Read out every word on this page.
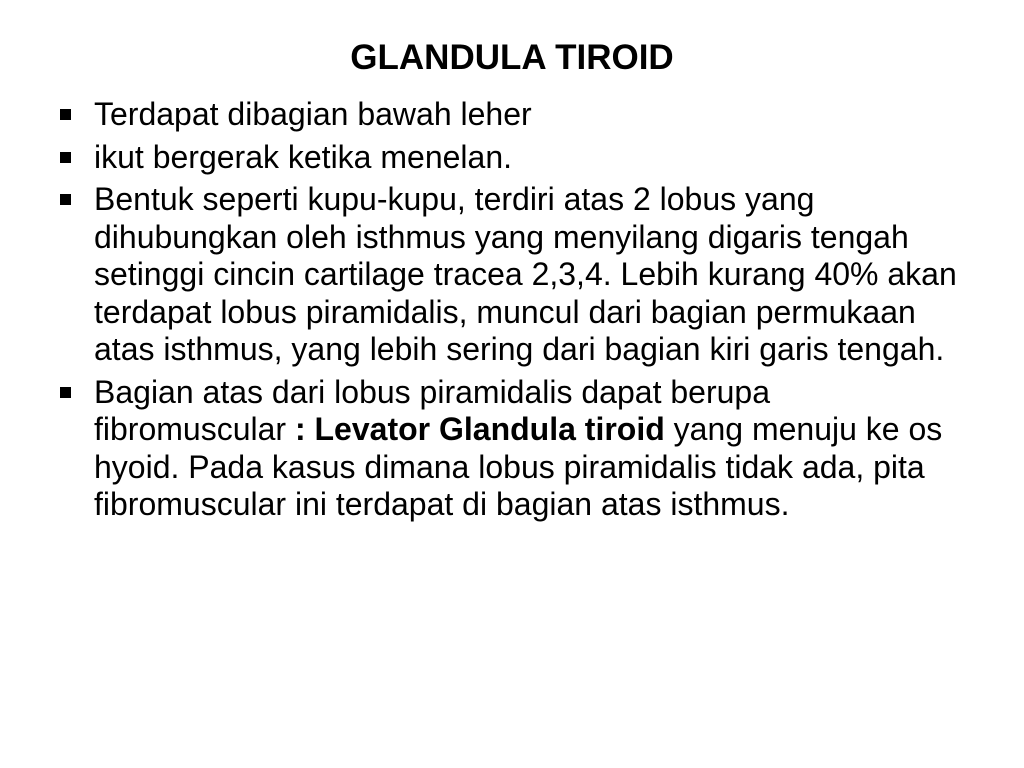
GLANDULA TIROID
Terdapat dibagian bawah leher
ikut bergerak ketika menelan.
Bentuk seperti kupu-kupu, terdiri atas 2 lobus yang dihubungkan oleh isthmus yang menyilang digaris tengah setinggi cincin cartilage tracea 2,3,4. Lebih kurang 40% akan terdapat lobus piramidalis, muncul dari bagian permukaan atas isthmus, yang lebih sering dari bagian kiri garis tengah.
Bagian atas dari lobus piramidalis dapat berupa fibromuscular : Levator Glandula tiroid yang menuju ke os hyoid. Pada kasus dimana lobus piramidalis tidak ada, pita fibromuscular ini terdapat di bagian atas isthmus.
